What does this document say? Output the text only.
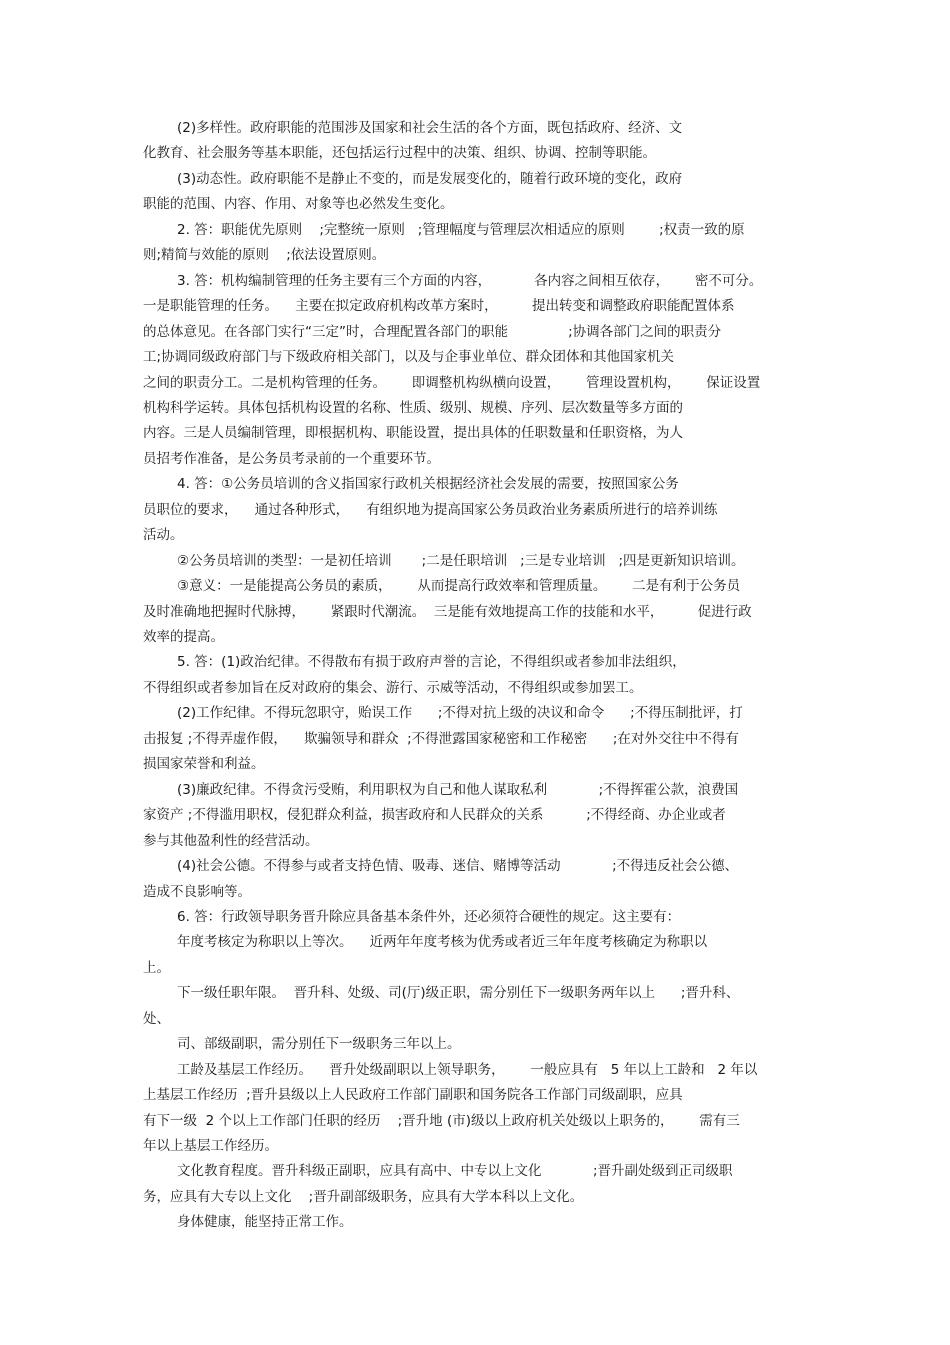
(2)多样性。政府职能的范围涉及国家和社会生活的各个方面，既包括政府、经济、文
化教育、社会服务等基本职能，还包括运行过程中的决策、组织、协调、控制等职能。
(3)动态性。政府职能不是静止不变的，而是发展变化的，随着行政环境的变化，政府
职能的范围、内容、作用、对象等也必然发生变化。
2. 答：职能优先原则    ;完整统一原则   ;管理幅度与管理层次相适应的原则        ;权责一致的原
则;精简与效能的原则    ;依法设置原则。
3. 答：机构编制管理的任务主要有三个方面的内容，          各内容之间相互依存，      密不可分。
一是职能管理的任务。    主要在拟定政府机构改革方案时，        提出转变和调整政府职能配置体系
的总体意见。在各部门实行“三定”时，合理配置各部门的职能              ;协调各部门之间的职责分
工;协调同级政府部门与下级政府相关部门，以及与企事业单位、群众团体和其他国家机关
之间的职责分工。二是机构管理的任务。      即调整机构纵横向设置，      管理设置机构，      保证设置
机构科学运转。具体包括机构设置的名称、性质、级别、规模、序列、层次数量等多方面的
内容。三是人员编制管理，即根据机构、职能设置，提出具体的任职数量和任职资格，为人
员招考作准备，是公务员考录前的一个重要环节。
4. 答：①公务员培训的含义指国家行政机关根据经济社会发展的需要，按照国家公务
员职位的要求，    通过各种形式，    有组织地为提高国家公务员政治业务素质所进行的培养训练
活动。
②公务员培训的类型：一是初任培训       ;二是任职培训   ;三是专业培训   ;四是更新知识培训。
③意义：一是能提高公务员的素质，      从而提高行政效率和管理质量。      二是有利于公务员
及时准确地把握时代脉搏，      紧跟时代潮流。  三是能有效地提高工作的技能和水平，        促进行政
效率的提高。
5. 答：(1)政治纪律。不得散布有损于政府声誉的言论，不得组织或者参加非法组织，
不得组织或者参加旨在反对政府的集会、游行、示威等活动，不得组织或参加罢工。
(2)工作纪律。不得玩忽职守，贻误工作      ;不得对抗上级的决议和命令      ;不得压制批评，打
击报复 ;不得弄虚作假，    欺骗领导和群众  ;不得泄露国家秘密和工作秘密      ;在对外交往中不得有
损国家荣誉和利益。
(3)廉政纪律。不得贪污受贿，利用职权为自己和他人谋取私利            ;不得挥霍公款，浪费国
家资产 ;不得滥用职权，侵犯群众利益，损害政府和人民群众的关系          ;不得经商、办企业或者
参与其他盈利性的经营活动。
(4)社会公德。不得参与或者支持色情、吸毒、迷信、赌博等活动            ;不得违反社会公德、
造成不良影响等。
6. 答：行政领导职务晋升除应具备基本条件外，还必须符合硬性的规定。这主要有：
年度考核定为称职以上等次。    近两年年度考核为优秀或者近三年年度考核确定为称职以
上。
下一级任职年限。  晋升科、处级、司(厅)级正职，需分别任下一级职务两年以上      ;晋升科、
处、
司、部级副职，需分别任下一级职务三年以上。
工龄及基层工作经历。    晋升处级副职以上领导职务，      一般应具有   5 年以上工龄和   2 年以
上基层工作经历  ;晋升县级以上人民政府工作部门副职和国务院各工作部门司级副职，应具
有下一级  2 个以上工作部门任职的经历    ;晋升地 (市)级以上政府机关处级以上职务的，      需有三
年以上基层工作经历。
文化教育程度。晋升科级正副职，应具有高中、中专以上文化            ;晋升副处级到正司级职
务，应具有大专以上文化    ;晋升副部级职务，应具有大学本科以上文化。
身体健康，能坚持正常工作。
